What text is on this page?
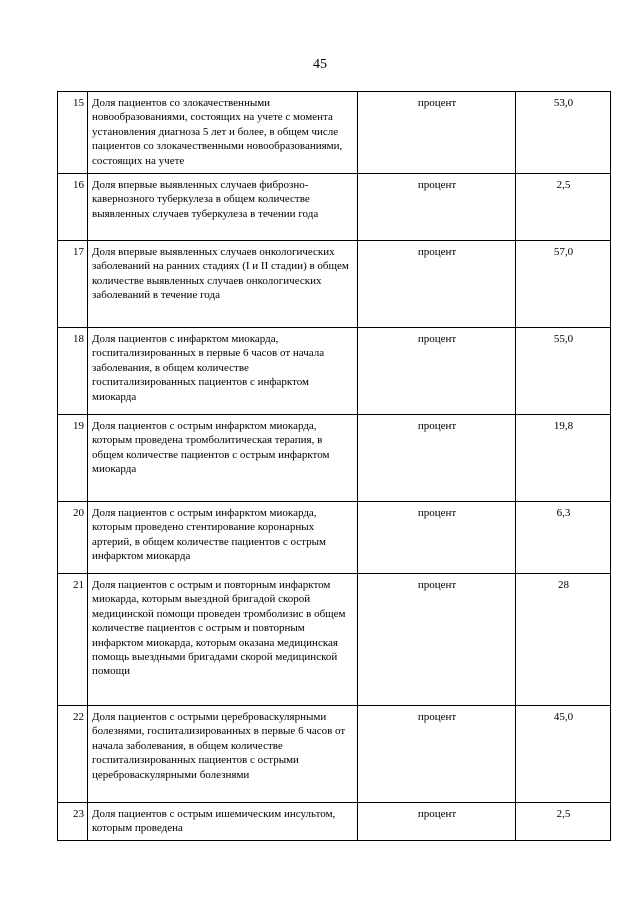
45
15	Доля пациентов со злокачественными новообразованиями, состоящих на учете с момента установления диагноза 5 лет и более, в общем числе пациентов со злокачественными новообразованиями, состоящих на учете	процент	53,0
16	Доля впервые выявленных случаев фиброзно-кавернозного туберкулеза в общем количестве выявленных случаев туберкулеза в течении года	процент	2,5
17	Доля впервые выявленных случаев онкологических заболеваний на ранних стадиях (I и II стадии) в общем количестве выявленных случаев онкологических заболеваний в течение года	процент	57,0
18	Доля пациентов с инфарктом миокарда, госпитализированных в первые 6 часов от начала заболевания, в общем количестве госпитализированных пациентов с инфарктом миокарда	процент	55,0
19	Доля пациентов с острым инфарктом миокарда, которым проведена тромболитическая терапия, в общем количестве пациентов с острым инфарктом миокарда	процент	19,8
20	Доля пациентов с острым инфарктом миокарда, которым проведено стентирование коронарных артерий, в общем количестве пациентов с острым инфарктом миокарда	процент	6,3
21	Доля пациентов с острым и повторным инфарктом миокарда, которым выездной бригадой скорой медицинской помощи проведен тромболизис в общем количестве пациентов с острым и повторным инфарктом миокарда, которым оказана медицинская помощь выездными бригадами скорой медицинской помощи	процент	28
22	Доля пациентов с острыми цереброваскулярными болезнями, госпитализированных в первые 6 часов от начала заболевания, в общем количестве госпитализированных пациентов с острыми цереброваскулярными болезнями	процент	45,0
23	Доля пациентов с острым ишемическим инсультом, которым проведена	процент	2,5
